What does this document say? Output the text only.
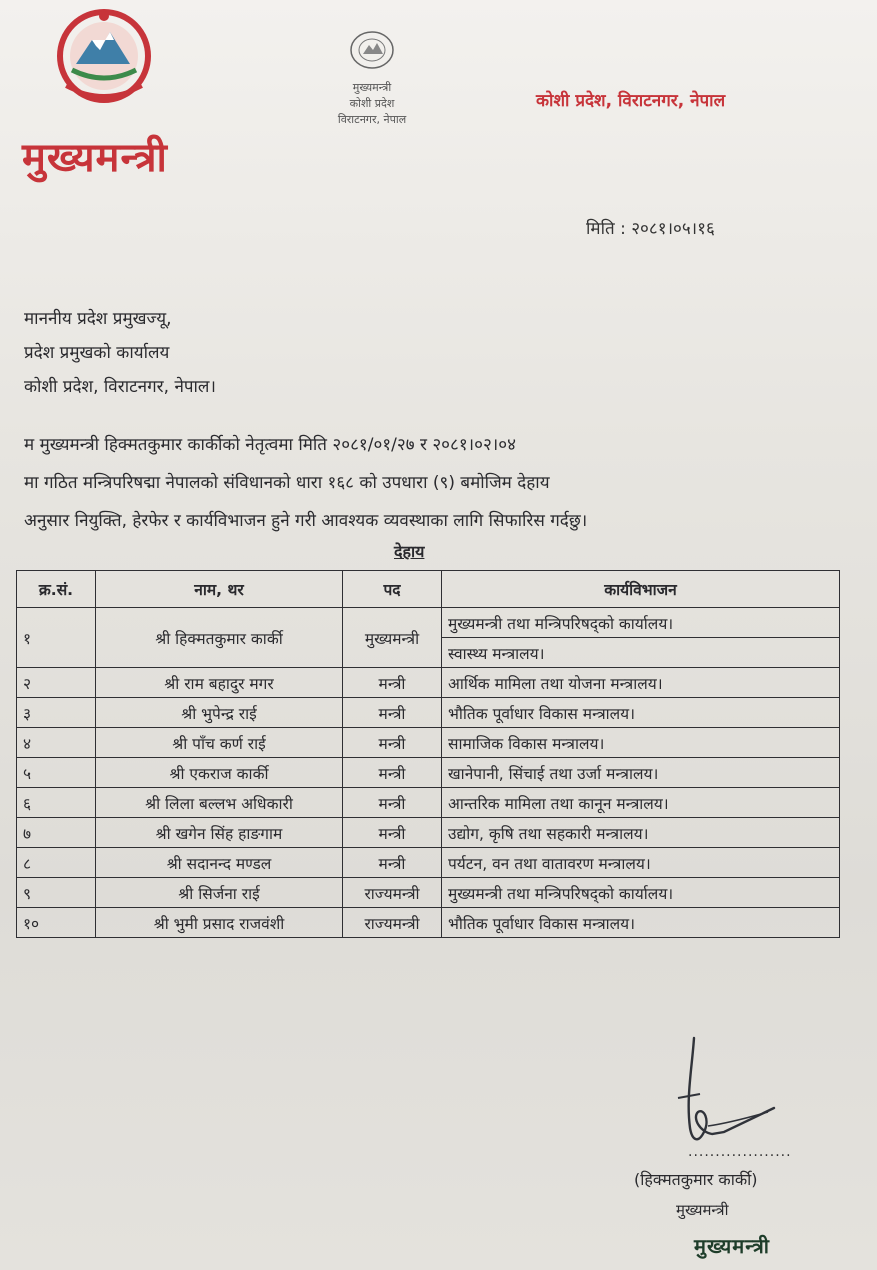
मुख्यमन्त्री
मुख्यमन्त्री
कोशी प्रदेश
विराटनगर, नेपाल
कोशी प्रदेश, विराटनगर, नेपाल
मिति : २०८१।०५।१६
माननीय प्रदेश प्रमुखज्यू,
प्रदेश प्रमुखको कार्यालय
कोशी प्रदेश, विराटनगर, नेपाल।
म मुख्यमन्त्री हिक्मतकुमार कार्कीको नेतृत्वमा मिति २०८१/०१/२७ र २०८१।०२।०४
मा गठित मन्त्रिपरिषद्मा नेपालको संविधानको धारा १६८ को उपधारा (९) बमोजिम देहाय
अनुसार नियुक्ति, हेरफेर र कार्यविभाजन हुने गरी आवश्यक व्यवस्थाका लागि सिफारिस गर्दछु।
देहाय
क्र.सं.	नाम, थर	पद	कार्यविभाजन
१	श्री हिक्मतकुमार कार्की	मुख्यमन्त्री	मुख्यमन्त्री तथा मन्त्रिपरिषद्को कार्यालय।
			स्वास्थ्य मन्त्रालय।
२	श्री राम बहादुर मगर	मन्त्री	आर्थिक मामिला तथा योजना मन्त्रालय।
३	श्री भुपेन्द्र राई	मन्त्री	भौतिक पूर्वाधार विकास मन्त्रालय।
४	श्री पाँच कर्ण राई	मन्त्री	सामाजिक विकास मन्त्रालय।
५	श्री एकराज कार्की	मन्त्री	खानेपानी, सिंचाई तथा उर्जा मन्त्रालय।
६	श्री लिला बल्लभ अधिकारी	मन्त्री	आन्तरिक मामिला तथा कानून मन्त्रालय।
७	श्री खगेन सिंह हाङगाम	मन्त्री	उद्योग, कृषि तथा सहकारी मन्त्रालय।
८	श्री सदानन्द मण्डल	मन्त्री	पर्यटन, वन तथा वातावरण मन्त्रालय।
९	श्री सिर्जना राई	राज्यमन्त्री	मुख्यमन्त्री तथा मन्त्रिपरिषद्को कार्यालय।
१०	श्री भुमी प्रसाद राजवंशी	राज्यमन्त्री	भौतिक पूर्वाधार विकास मन्त्रालय।
...................
(हिक्मतकुमार कार्की)
मुख्यमन्त्री
मुख्यमन्त्री
